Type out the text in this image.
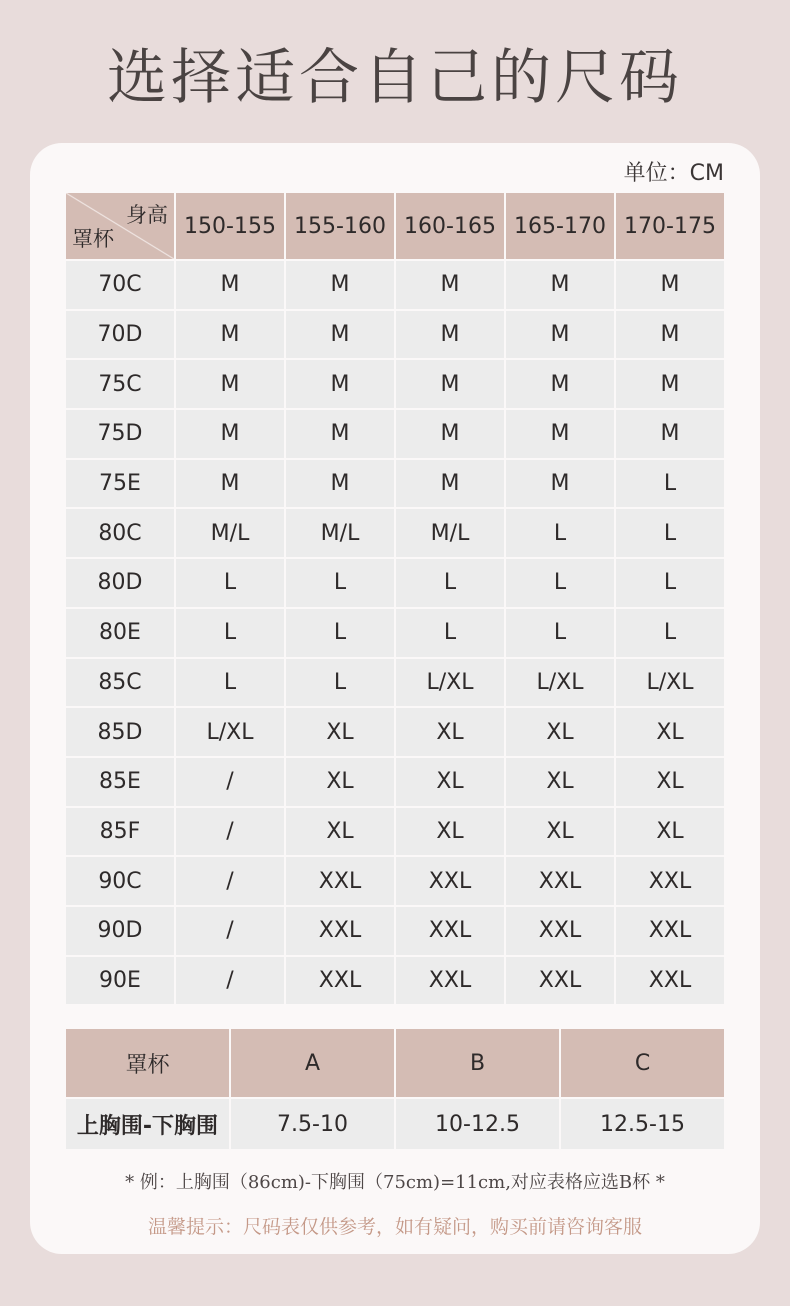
选择适合自己的尺码
单位：CM
身高
罩杯	150-155	155-160	160-165	165-170	170-175
70C	M	M	M	M	M
70D	M	M	M	M	M
75C	M	M	M	M	M
75D	M	M	M	M	M
75E	M	M	M	M	L
80C	M/L	M/L	M/L	L	L
80D	L	L	L	L	L
80E	L	L	L	L	L
85C	L	L	L/XL	L/XL	L/XL
85D	L/XL	XL	XL	XL	XL
85E	/	XL	XL	XL	XL
85F	/	XL	XL	XL	XL
90C	/	XXL	XXL	XXL	XXL
90D	/	XXL	XXL	XXL	XXL
90E	/	XXL	XXL	XXL	XXL
罩杯	A	B	C
上胸围-下胸围	7.5-10	10-12.5	12.5-15
* 例：上胸围（86cm)-下胸围（75cm)=11cm,对应表格应选B杯 *
温馨提示：尺码表仅供参考，如有疑问，购买前请咨询客服
